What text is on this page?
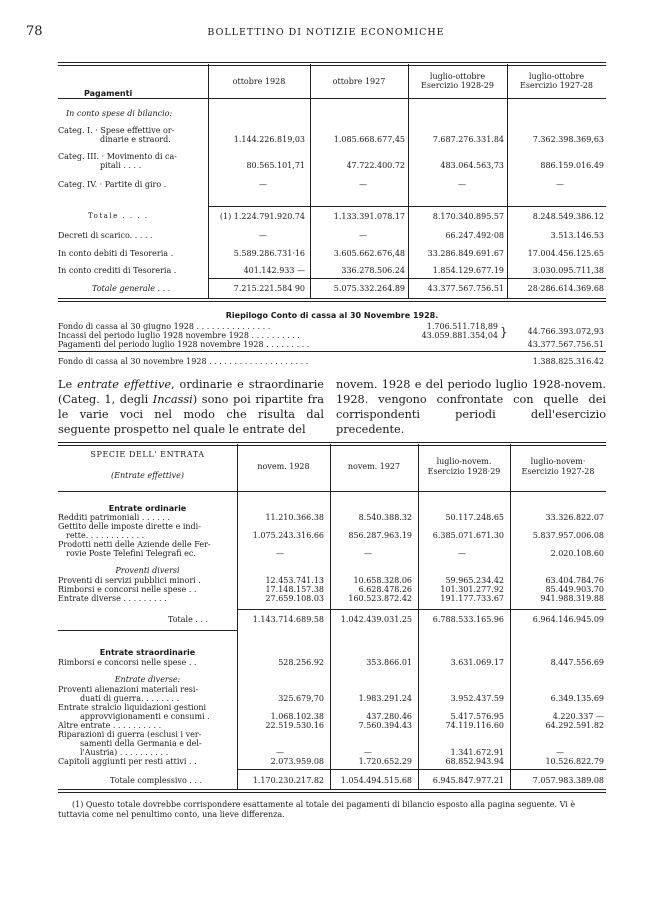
78	BOLLETTINO DI NOTIZIE ECONOMICHE
Pagamenti
ottobre 1928	ottobre 1927
luglio-ottobre
Esercizio 1928-29
luglio-ottobre
Esercizio 1927-28
In conto spese di bilancio:
Categ. I. · Spese effettive or-
dinarie e straord.	1.144.226.819,03	1.085.668.677,45	7.687.276.331.84	7.362.398.369,63
Categ. III. · Movimento di ca-
pitali . . . .	80.565.101,71	47.722.400.72	483.064.563,73	886.159.016.49
Categ. IV. · Partite di giro .	—	—	—	—
Totale . . . .	(1) 1.224.791.920.74	1.133.391.078.17	8.170.340.895.57	8.248.549.386.12
Decreti di scarico. . . . .	—	—	66.247.492·08	3.513.146.53
In conto debiti di Tesoreria .	5.589.286.731·16	3.605.662.676,48	33.286.849.691.67	17.004.456.125.65
In conto crediti di Tesoreria .	401.142.933 —	336.278.506.24	1.854.129.677.19	3.030.095.711,38
Totale generale . . .	7.215.221.584 90	5.075.332.264.89	43.377.567.756.51	28·286.614.369.68
Riepilogo Conto di cassa al 30 Novembre 1928.
Fondo di cassa al 30 giugno 1928 . . . . . . . . . . . . . . .	1.706.511.718,89
Incassi del periodo luglio 1928 novembre 1928 . . . . . . . . . .	43.059.881.354,04 }	44.766.393.072,93
Pagamenti del periodo luglio 1928 novembre 1928 . . . . . . . . .	43.377.567.756.51
Fondo di cassa al 30 novembre 1928 . . . . . . . . . . . . . . . . . . . .	1.388.825.316.42

Le entrate effettive, ordinarie e straordinarie (Categ. 1, degli Incassi) sono poi ripartite fra le varie voci nel modo che risulta dal seguente prospetto nel quale le entrate del

novem. 1928 e del periodo luglio 1928-novem. 1928. vengono confrontate con quelle dei corrispondenti periodi dell'esercizio precedente.

SPECIE DELL' ENTRATA
(Entrate effettive)
novem. 1928	novem. 1927
luglio-novem.
Esercizio 1928·29
luglio-novem·
Esercizio 1927-28
Entrate ordinarie
Redditi patrimoniali . . . . . .	11.210.366.38	8.540.388.32	50.117.248.65	33.326.822.07
Gettito delle imposte dirette e indi-
rette. . . . . . . . . . . .	1.075.243.316.66	856.287.963.19	6.385.071.671.30	5.837.957.006.08
Prodotti netti delle Aziende delle Fer-
rovie Poste Telefini Telegrafi ec.	—	—	—	2.020.108.60
Proventi diversi
Proventi di servizi pubblici minori .	12.453.741.13	10.658.328.06	59.965.234.42	63.404.784.76
Rimborsi e concorsi nelle spese . .	17.148.157.38	6.628.478.26	101.301.277.92	85.449.903.70
Entrate diverse . . . . . . . . .	27.659.108.03	160.523.872.42	191.177.733.67	941.988.319.88
Totale . . .	1.143.714.689.58 1.042.439.031.25	6.788.533.165.96	6.964.146.945.09
Entrate straordinarie
Rimborsi e concorsi nelle spese . .	528.256.92	353.866.01	3.631.069.17	8.447.556.69
Entrate diverse:
Proventi alienazioni materiali resi-
duati di guerra. . . . . . . .	325.679,70	1.983.291.24	3.952.437.59	6.349.135.69
Entrate stralcio liquidazioni gestioni
approvvigionamenti e consumi .	1.068.102.38	437.280.46	5.417.576.95	4.220.337 —
Altre entrate . . . . . . . . . .	22.519.530.16	7.560.394.43	74.119.116.60	64.292.591.82
Riparazioni di guerra (esclusi i ver-
samenti della Germania e del-
l'Austria) . . . . . . . . . .	—	—	1.341.672.91	—
Capitoli aggiunti per resti attivi . .	2.073.959.08	1.720.652.29	68.852.943.94	10.526.822.79
Totale complessivo . . .	1.170.230.217.82 1.054.494.515.68	6.945.847.977.21	7.057.983.389.08
(1) Questo totale dovrebbe corrispondere esattamente al totale dei pagamenti di bilancio esposto alla pagina seguente. Vi è tuttavia come nel penultimo conto, una lieve differenza.
